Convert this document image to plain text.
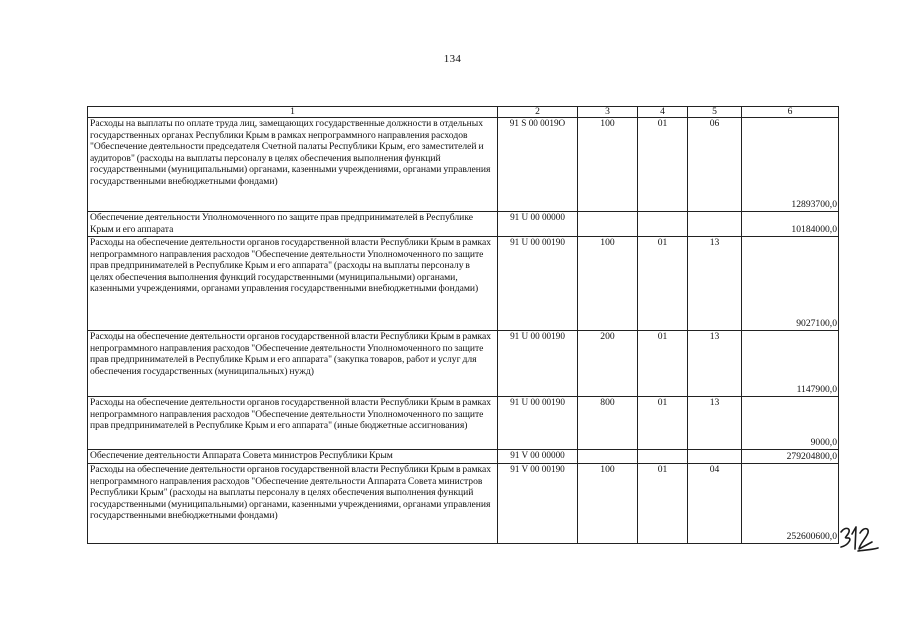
134
1	2	3	4	5	6
Расходы на выплаты по оплате труда лиц, замещающих государственные должности в отдельных государственных органах Республики Крым в рамках непрограммного направления расходов "Обеспечение деятельности председателя Счетной палаты Республики Крым, его заместителей и аудиторов" (расходы на выплаты персоналу в целях обеспечения выполнения функций государственными (муниципальными) органами, казенными учреждениями, органами управления государственными внебюджетными фондами)	91 S 00 0019O	100	01	06	12893700,0
Обеспечение деятельности Уполномоченного по защите прав предпринимателей в Республике Крым и его аппарата	91 U 00 00000				10184000,0
Расходы на обеспечение деятельности органов государственной власти Республики Крым в рамках непрограммного направления расходов "Обеспечение деятельности Уполномоченного по защите прав предпринимателей в Республике Крым и его аппарата" (расходы на выплаты персоналу в целях обеспечения выполнения функций государственными (муниципальными) органами, казенными учреждениями, органами управления государственными внебюджетными фондами)	91 U 00 00190	100	01	13	9027100,0
Расходы на обеспечение деятельности органов государственной власти Республики Крым в рамках непрограммного направления расходов "Обеспечение деятельности Уполномоченного по защите прав предпринимателей в Республике Крым и его аппарата" (закупка товаров, работ и услуг для обеспечения государственных (муниципальных) нужд)	91 U 00 00190	200	01	13	1147900,0
Расходы на обеспечение деятельности органов государственной власти Республики Крым в рамках непрограммного направления расходов "Обеспечение деятельности Уполномоченного по защите прав предпринимателей в Республике Крым и его аппарата" (иные бюджетные ассигнования)	91 U 00 00190	800	01	13	9000,0
Обеспечение деятельности Аппарата Совета министров Республики Крым	91 V 00 00000				279204800,0
Расходы на обеспечение деятельности органов государственной власти Республики Крым в рамках непрограммного направления расходов "Обеспечение деятельности Аппарата Совета министров Республики Крым" (расходы на выплаты персоналу в целях обеспечения выполнения функций государственными (муниципальными) органами, казенными учреждениями, органами управления государственными внебюджетными фондами)	91 V 00 00190	100	01	04	252600600,0
